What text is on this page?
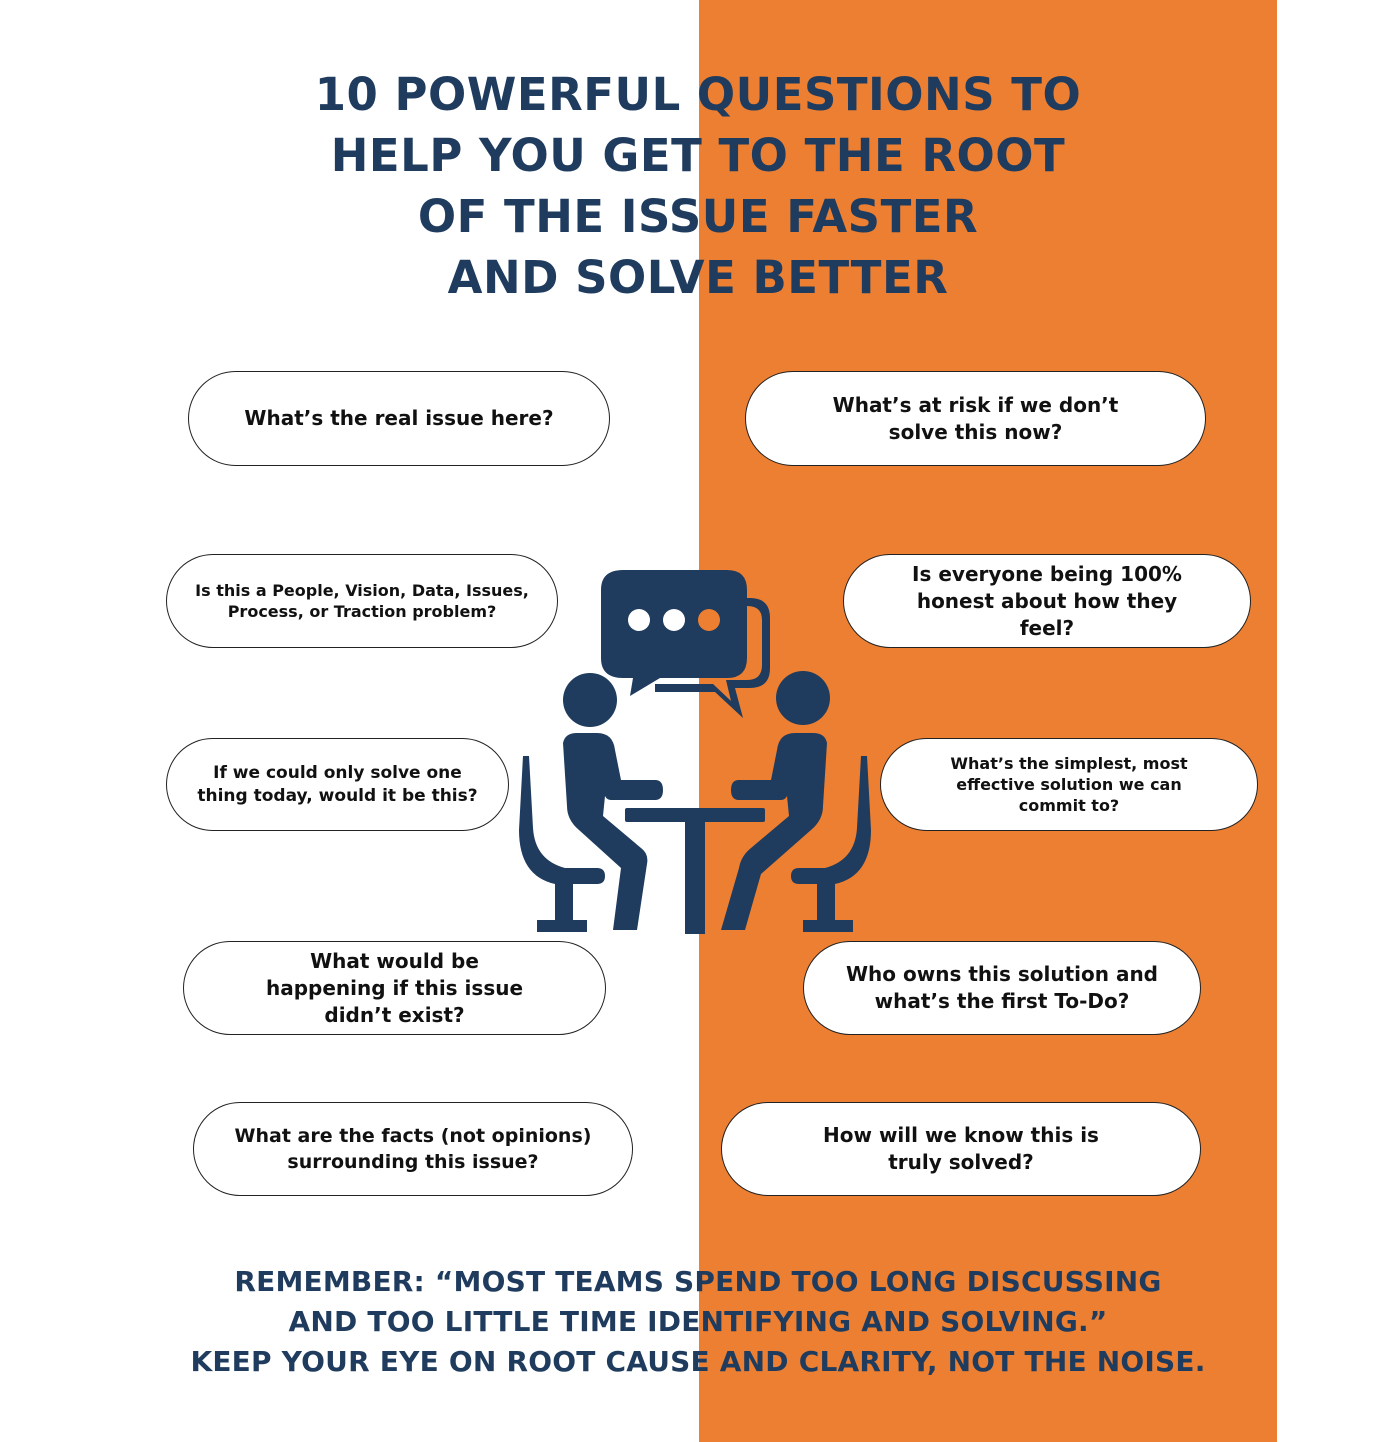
10 POWERFUL QUESTIONS TO
HELP YOU GET TO THE ROOT
OF THE ISSUE FASTER
AND SOLVE BETTER
What’s the real issue here?
What’s at risk if we don’t solve this now?
Is this a People, Vision, Data, Issues, Process, or Traction problem?
Is everyone being 100% honest about how they feel?
If we could only solve one thing today, would it be this?
What’s the simplest, most effective solution we can commit to?
What would be happening if this issue didn’t exist?
Who owns this solution and what’s the first To-Do?
What are the facts (not opinions) surrounding this issue?
How will we know this is truly solved?
REMEMBER: “MOST TEAMS SPEND TOO LONG DISCUSSING
AND TOO LITTLE TIME IDENTIFYING AND SOLVING.”
KEEP YOUR EYE ON ROOT CAUSE AND CLARITY, NOT THE NOISE.
